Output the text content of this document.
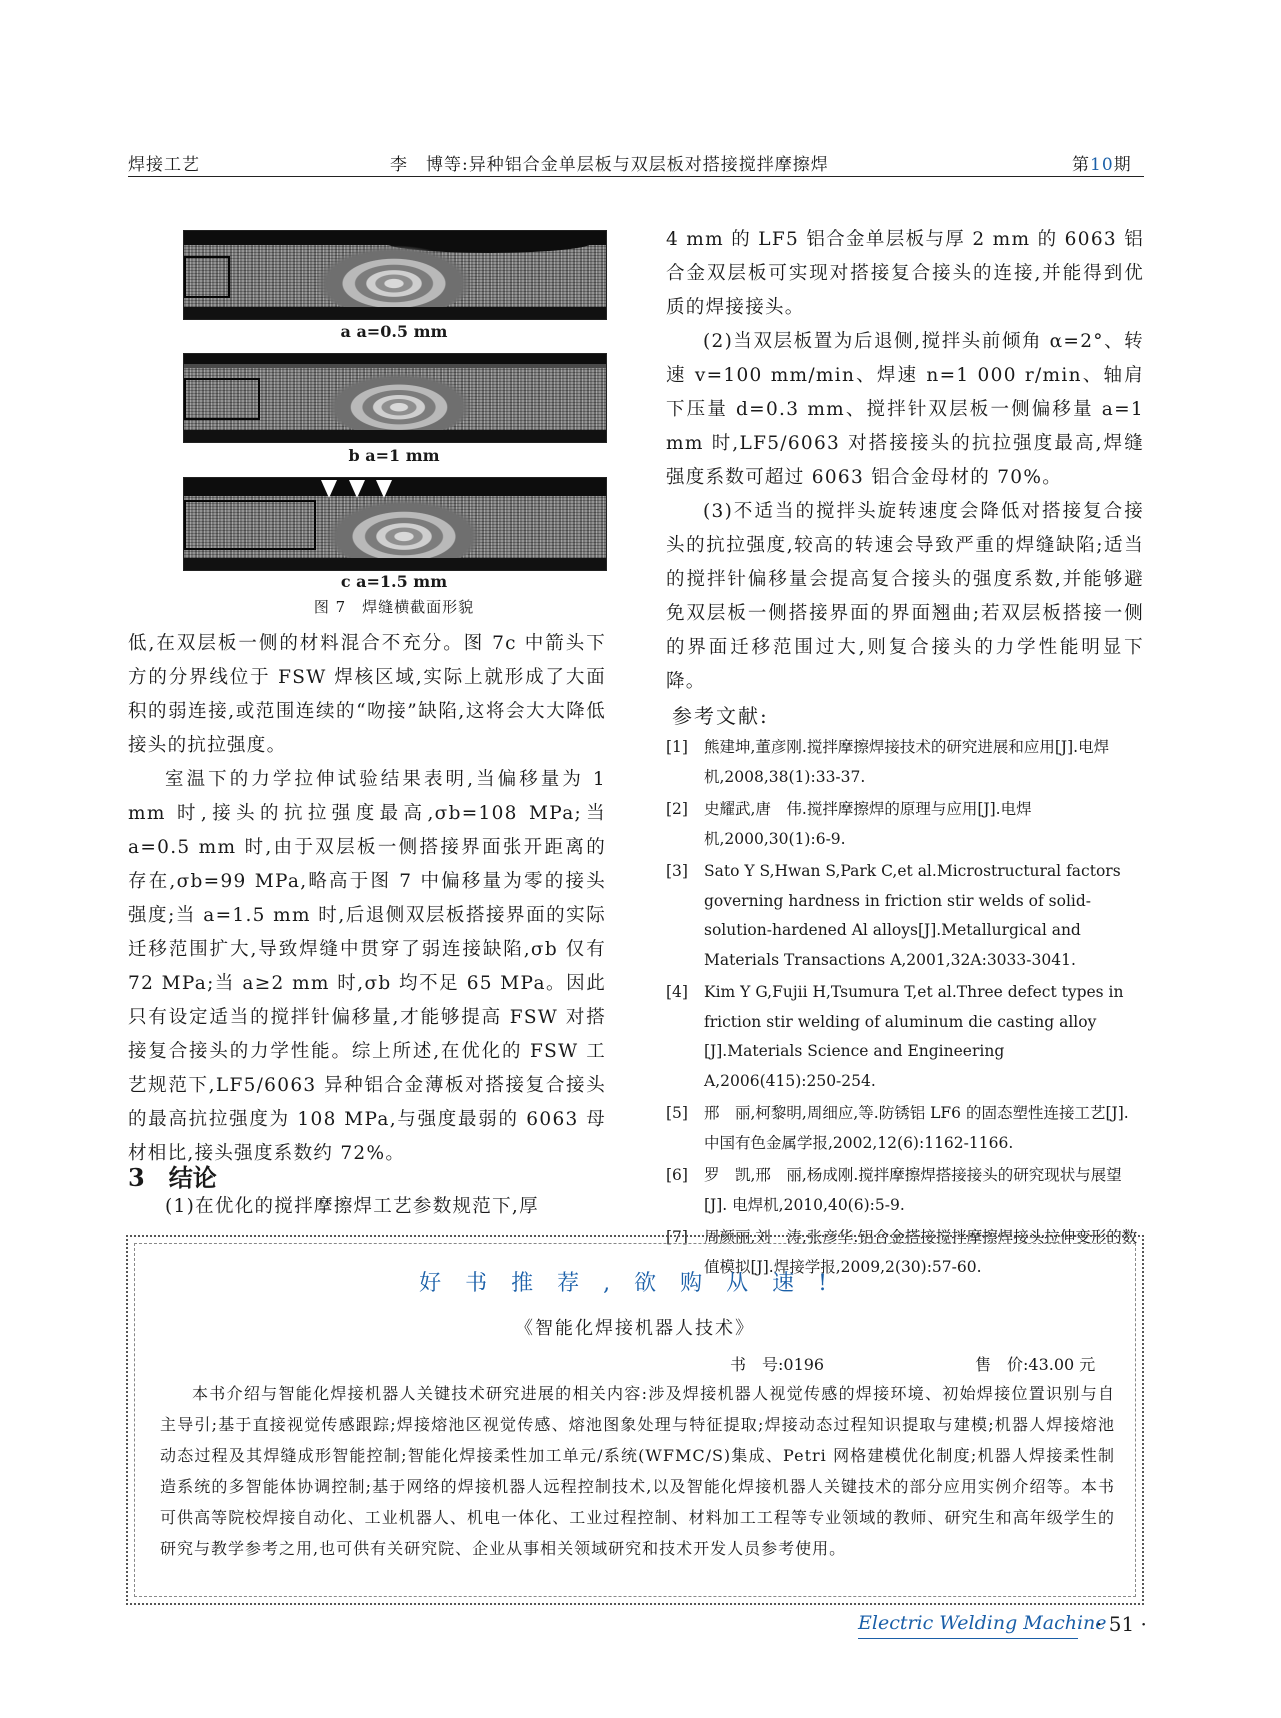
焊接工艺	李　博等:异种铝合金单层板与双层板对搭接搅拌摩擦焊	第10期
a a=0.5 mm
b a=1 mm
c a=1.5 mm
图 7　焊缝横截面形貌

低,在双层板一侧的材料混合不充分。图 7c 中箭头下方的分界线位于 FSW 焊核区域,实际上就形成了大面积的弱连接,或范围连续的“吻接”缺陷,这将会大大降低接头的抗拉强度。

室温下的力学拉伸试验结果表明,当偏移量为 1 mm 时,接头的抗拉强度最高,σb=108 MPa;当 a=0.5 mm 时,由于双层板一侧搭接界面张开距离的存在,σb=99 MPa,略高于图 7 中偏移量为零的接头强度;当 a=1.5 mm 时,后退侧双层板搭接界面的实际迁移范围扩大,导致焊缝中贯穿了弱连接缺陷,σb 仅有 72 MPa;当 a≥2 mm 时,σb 均不足 65 MPa。因此只有设定适当的搅拌针偏移量,才能够提高 FSW 对搭接复合接头的力学性能。综上所述,在优化的 FSW 工艺规范下,LF5/6063 异种铝合金薄板对搭接复合接头的最高抗拉强度为 108 MPa,与强度最弱的 6063 母材相比,接头强度系数约 72%。

3 结论
(1)在优化的搅拌摩擦焊工艺参数规范下,厚

4 mm 的 LF5 铝合金单层板与厚 2 mm 的 6063 铝合金双层板可实现对搭接复合接头的连接,并能得到优质的焊接接头。

(2)当双层板置为后退侧,搅拌头前倾角 α=2°、转速 v=100 mm/min、焊速 n=1 000 r/min、轴肩下压量 d=0.3 mm、搅拌针双层板一侧偏移量 a=1 mm 时,LF5/6063 对搭接接头的抗拉强度最高,焊缝强度系数可超过 6063 铝合金母材的 70%。

(3)不适当的搅拌头旋转速度会降低对搭接复合接头的抗拉强度,较高的转速会导致严重的焊缝缺陷;适当的搅拌针偏移量会提高复合接头的强度系数,并能够避免双层板一侧搭接界面的界面翘曲;若双层板搭接一侧的界面迁移范围过大,则复合接头的力学性能明显下降。

参考文献:
[1] 熊建坤,董彦刚.搅拌摩擦焊接技术的研究进展和应用[J].电焊机,2008,38(1):33-37.
[2] 史耀武,唐　伟.搅拌摩擦焊的原理与应用[J].电焊机,2000,30(1):6-9.
[3] Sato Y S,Hwan S,Park C,et al.Microstructural factors governing hardness in friction stir welds of solid-solution-hardened Al alloys[J].Metallurgical and Materials Transactions A,2001,32A:3033-3041.
[4] Kim Y G,Fujii H,Tsumura T,et al.Three defect types in friction stir welding of aluminum die casting alloy [J].Materials Science and Engineering A,2006(415):250-254.
[5] 邢　丽,柯黎明,周细应,等.防锈铝 LF6 的固态塑性连接工艺[J].中国有色金属学报,2002,12(6):1162-1166.
[6] 罗　凯,邢　丽,杨成刚.搅拌摩擦焊搭接接头的研究现状与展望[J]. 电焊机,2010,40(6):5-9.
[7] 周颜丽,刘　涛,张彦华.铝合金搭接搅拌摩擦焊接头拉伸变形的数值模拟[J].焊接学报,2009,2(30):57-60.
好书推荐,欲购从速!
《智能化焊接机器人技术》
书　号:0196	售　价:43.00 元
本书介绍与智能化焊接机器人关键技术研究进展的相关内容:涉及焊接机器人视觉传感的焊接环境、初始焊接位置识别与自主导引;基于直接视觉传感跟踪;焊接熔池区视觉传感、熔池图象处理与特征提取;焊接动态过程知识提取与建模;机器人焊接熔池动态过程及其焊缝成形智能控制;智能化焊接柔性加工单元/系统(WFMC/S)集成、Petri 网格建模优化制度;机器人焊接柔性制造系统的多智能体协调控制;基于网络的焊接机器人远程控制技术,以及智能化焊接机器人关键技术的部分应用实例介绍等。本书可供高等院校焊接自动化、工业机器人、机电一体化、工业过程控制、材料加工工程等专业领域的教师、研究生和高年级学生的研究与教学参考之用,也可供有关研究院、企业从事相关领域研究和技术开发人员参考使用。
Electric Welding Machine
· 51 ·
